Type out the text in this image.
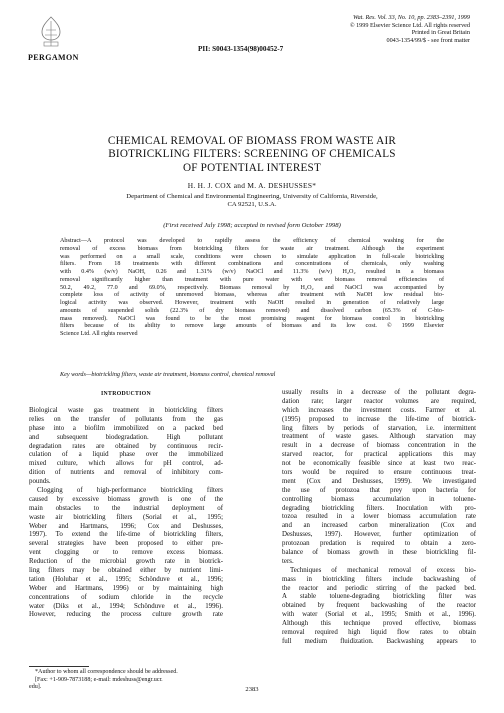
Wat. Res. Vol. 33, No. 10, pp. 2383–2391, 1999
© 1999 Elsevier Science Ltd. All rights reserved
Printed in Great Britain
0043-1354/99/$ - see front matter
PII: S0043-1354(98)00452-7
PERGAMON
CHEMICAL REMOVAL OF BIOMASS FROM WASTE AIR
BIOTRICKLING FILTERS: SCREENING OF CHEMICALS
OF POTENTIAL INTEREST
H. H. J. COX and M. A. DESHUSSES*
Department of Chemical and Environmental Engineering, University of California, Riverside,
CA 92521, U.S.A.
(First received July 1998; accepted in revised form October 1998)
Abstract—A protocol was developed to rapidly assess the efficiency of chemical washing for the
removal of excess biomass from biotrickling filters for waste air treatment. Although the experiment
was performed on a small scale, conditions were chosen to simulate application in full-scale biotrickling
filters. From 18 treatments with different combinations and concentrations of chemicals, only washing
with 0.4% (w/v) NaOH, 0.26 and 1.31% (w/v) NaOCl and 11.3% (w/v) H₂O₂ resulted in a biomass
removal significantly higher than treatment with pure water with wet biomass removal efficiencies of
50.2, 49.2, 77.0 and 69.0%, respectively. Biomass removal by H₂O₂ and NaOCl was accompanied by
complete loss of activity of unremoved biomass, whereas after treatment with NaOH low residual bio-
logical activity was observed. However, treatment with NaOH resulted in generation of relatively large
amounts of suspended solids (22.3% of dry biomass removed) and dissolved carbon (65.3% of C-bio-
mass removed). NaOCl was found to be the most promising reagent for biomass control in biotrickling
filters because of its ability to remove large amounts of biomass and its low cost. © 1999 Elsevier
Science Ltd. All rights reserved
Key words—biotrickling filters, waste air treatment, biomass control, chemical removal
INTRODUCTION
Biological waste gas treatment in biotrickling filters
relies on the transfer of pollutants from the gas
phase into a biofilm immobilized on a packed bed
and subsequent biodegradation. High pollutant
degradation rates are obtained by continuous recir-
culation of a liquid phase over the immobilized
mixed culture, which allows for pH control, ad-
dition of nutrients and removal of inhibitory com-
pounds.
Clogging of high-performance biotrickling filters
caused by excessive biomass growth is one of the
main obstacles to the industrial deployment of
waste air biotrickling filters (Sorial et al., 1995;
Weber and Hartmans, 1996; Cox and Deshusses,
1997). To extend the life-time of biotrickling filters,
several strategies have been proposed to either pre-
vent clogging or to remove excess biomass.
Reduction of the microbial growth rate in biotrick-
ling filters may be obtained either by nutrient limi-
tation (Holubar et al., 1995; Schönduve et al., 1996;
Weber and Hartmans, 1996) or by maintaining high
concentrations of sodium chloride in the recycle
water (Diks et al., 1994; Schönduve et al., 1996).
However, reducing the process culture growth rate
usually results in a decrease of the pollutant degra-
dation rate; larger reactor volumes are required,
which increases the investment costs. Farmer et al.
(1995) proposed to increase the life-time of biotrick-
ling filters by periods of starvation, i.e. intermittent
treatment of waste gases. Although starvation may
result in a decrease of biomass concentration in the
starved reactor, for practical applications this may
not be economically feasible since at least two reac-
tors would be required to ensure continuous treat-
ment (Cox and Deshusses, 1999). We investigated
the use of protozoa that prey upon bacteria for
controlling biomass accumulation in toluene-
degrading biotrickling filters. Inoculation with pro-
tozoa resulted in a lower biomass accumulation rate
and an increased carbon mineralization (Cox and
Deshusses, 1997). However, further optimization of
protozoan predation is required to obtain a zero-
balance of biomass growth in these biotrickling fil-
ters.
Techniques of mechanical removal of excess bio-
mass in biotrickling filters include backwashing of
the reactor and periodic stirring of the packed bed.
A stable toluene-degrading biotrickling filter was
obtained by frequent backwashing of the reactor
with water (Sorial et al., 1995; Smith et al., 1996).
Although this technique proved effective, biomass
removal required high liquid flow rates to obtain
full medium fluidization. Backwashing appears to
*Author to whom all correspondence should be addressed.
[Fax: +1-909-7873188; e-mail: mdeshuss@engr.ucr.
edu].	2383
